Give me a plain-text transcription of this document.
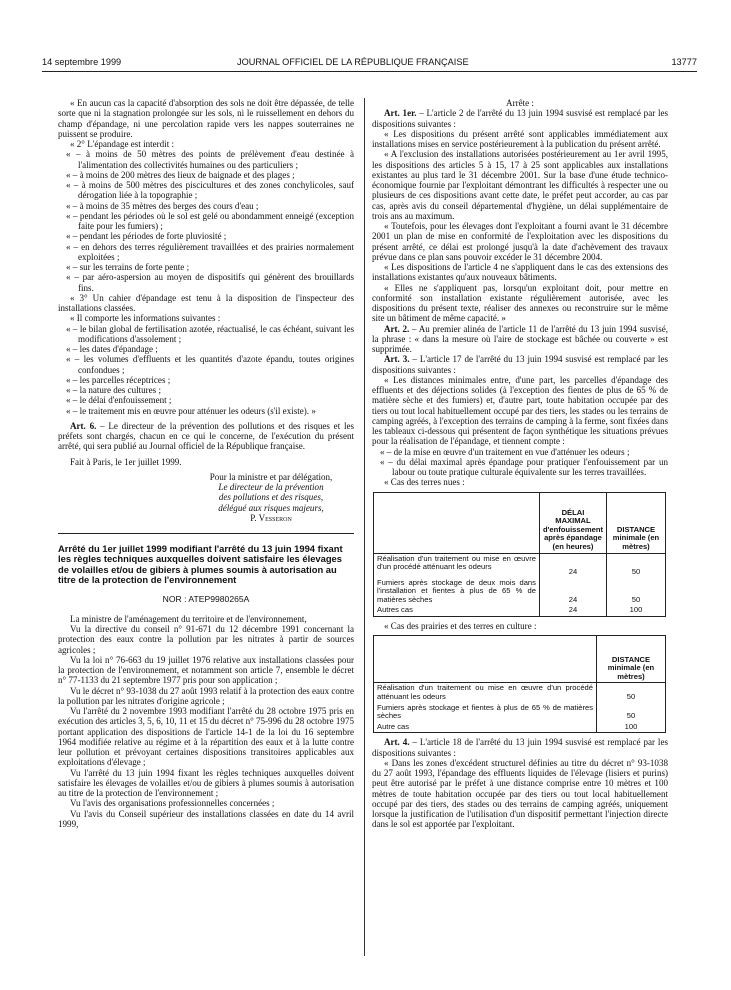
14 septembre 1999	JOURNAL OFFICIEL DE LA RÉPUBLIQUE FRANÇAISE	13777

« En aucun cas la capacité d'absorption des sols ne doit être dépassée, de telle sorte que ni la stagnation prolongée sur les sols, ni le ruissellement en dehors du champ d'épandage, ni une percolation rapide vers les nappes souterraines ne puissent se produire.

« 2° L'épandage est interdit :

« – à moins de 50 mètres des points de prélèvement d'eau destinée à l'alimentation des collectivités humaines ou des particuliers ;

« – à moins de 200 mètres des lieux de baignade et des plages ;

« – à moins de 500 mètres des piscicultures et des zones conchylicoles, sauf dérogation liée à la topographie ;

« – à moins de 35 mètres des berges des cours d'eau ;

« – pendant les périodes où le sol est gelé ou abondamment enneigé (exception faite pour les fumiers) ;

« – pendant les périodes de forte pluviosité ;

« – en dehors des terres régulièrement travaillées et des prairies normalement exploitées ;

« – sur les terrains de forte pente ;

« – par aéro-aspersion au moyen de dispositifs qui génèrent des brouillards fins.

« 3° Un cahier d'épandage est tenu à la disposition de l'inspecteur des installations classées.

« Il comporte les informations suivantes :

« – le bilan global de fertilisation azotée, réactualisé, le cas échéant, suivant les modifications d'assolement ;

« – les dates d'épandage ;

« – les volumes d'effluents et les quantités d'azote épandu, toutes origines confondues ;

« – les parcelles réceptrices ;

« – la nature des cultures ;

« – le délai d'enfouissement ;

« – le traitement mis en œuvre pour atténuer les odeurs (s'il existe). »

Art. 6. – Le directeur de la prévention des pollutions et des risques et les préfets sont chargés, chacun en ce qui le concerne, de l'exécution du présent arrêté, qui sera publié au Journal officiel de la République française.

Fait à Paris, le 1er juillet 1999.

Pour la ministre et par délégation,

Le directeur de la prévention

des pollutions et des risques,

délégué aux risques majeurs,

P. Vesseron

Arrêté du 1er juillet 1999 modifiant l'arrêté du 13 juin 1994 fixant les règles techniques auxquelles doivent satisfaire les élevages de volailles et/ou de gibiers à plumes soumis à autorisation au titre de la protection de l'environnement

NOR : ATEP9980265A

La ministre de l'aménagement du territoire et de l'environnement,

Vu la directive du conseil n° 91-671 du 12 décembre 1991 concernant la protection des eaux contre la pollution par les nitrates à partir de sources agricoles ;

Vu la loi n° 76-663 du 19 juillet 1976 relative aux installations classées pour la protection de l'environnement, et notamment son article 7, ensemble le décret n° 77-1133 du 21 septembre 1977 pris pour son application ;

Vu le décret n° 93-1038 du 27 août 1993 relatif à la protection des eaux contre la pollution par les nitrates d'origine agricole ;

Vu l'arrêté du 2 novembre 1993 modifiant l'arrêté du 28 octobre 1975 pris en exécution des articles 3, 5, 6, 10, 11 et 15 du décret n° 75-996 du 28 octobre 1975 portant application des dispositions de l'article 14-1 de la loi du 16 septembre 1964 modifiée relative au régime et à la répartition des eaux et à la lutte contre leur pollution et prévoyant certaines dispositions transitoires applicables aux exploitations d'élevage ;

Vu l'arrêté du 13 juin 1994 fixant les règles techniques auxquelles doivent satisfaire les élevages de volailles et/ou de gibiers à plumes soumis à autorisation au titre de la protection de l'environnement ;

Vu l'avis des organisations professionnelles concernées ;

Vu l'avis du Conseil supérieur des installations classées en date du 14 avril 1999,

Arrête :

Art. 1er. – L'article 2 de l'arrêté du 13 juin 1994 susvisé est remplacé par les dispositions suivantes :

« Les dispositions du présent arrêté sont applicables immédiatement aux installations mises en service postérieurement à la publication du présent arrêté.

« A l'exclusion des installations autorisées postérieurement au 1er avril 1995, les dispositions des articles 5 à 15, 17 à 25 sont applicables aux installations existantes au plus tard le 31 décembre 2001. Sur la base d'une étude technico-économique fournie par l'exploitant démontrant les difficultés à respecter une ou plusieurs de ces dispositions avant cette date, le préfet peut accorder, au cas par cas, après avis du conseil départemental d'hygiène, un délai supplémentaire de trois ans au maximum.

« Toutefois, pour les élevages dont l'exploitant a fourni avant le 31 décembre 2001 un plan de mise en conformité de l'exploitation avec les dispositions du présent arrêté, ce délai est prolongé jusqu'à la date d'achèvement des travaux prévue dans ce plan sans pouvoir excéder le 31 décembre 2004.

« Les dispositions de l'article 4 ne s'appliquent dans le cas des extensions des installations existantes qu'aux nouveaux bâtiments.

« Elles ne s'appliquent pas, lorsqu'un exploitant doit, pour mettre en conformité son installation existante régulièrement autorisée, avec les dispositions du présent texte, réaliser des annexes ou reconstruire sur le même site un bâtiment de même capacité. »

Art. 2. – Au premier alinéa de l'article 11 de l'arrêté du 13 juin 1994 susvisé, la phrase : « dans la mesure où l'aire de stockage est bâchée ou couverte » est supprimée.

Art. 3. – L'article 17 de l'arrêté du 13 juin 1994 susvisé est remplacé par les dispositions suivantes :

« Les distances minimales entre, d'une part, les parcelles d'épandage des effluents et des déjections solides (à l'exception des fientes de plus de 65 % de matière sèche et des fumiers) et, d'autre part, toute habitation occupée par des tiers ou tout local habituellement occupé par des tiers, les stades ou les terrains de camping agréés, à l'exception des terrains de camping à la ferme, sont fixées dans les tableaux ci-dessous qui présentent de façon synthétique les situations prévues pour la réalisation de l'épandage, et tiennent compte :

« – de la mise en œuvre d'un traitement en vue d'atténuer les odeurs ;

« – du délai maximal après épandage pour pratiquer l'enfouissement par un labour ou toute pratique culturale équivalente sur les terres travaillées.

« Cas des terres nues :

	DÉLAI MAXIMAL d'enfouissement après épandage (en heures)	DISTANCE minimale (en mètres)

Réalisation d'un traitement ou mise en œuvre d'un procédé atténuant les odeurs	24	50
Fumiers après stockage de deux mois dans l'installation et fientes à plus de 65 % de matières sèches	24	50
Autres cas	24	100

« Cas des prairies et des terres en culture :

	DISTANCE minimale (en mètres)
Réalisation d'un traitement ou mise en œuvre d'un procédé atténuant les odeurs	50
Fumiers après stockage et fientes à plus de 65 % de matières sèches	50
Autre cas	100

Art. 4. – L'article 18 de l'arrêté du 13 juin 1994 susvisé est remplacé par les dispositions suivantes :

« Dans les zones d'excédent structurel définies au titre du décret n° 93-1038 du 27 août 1993, l'épandage des effluents liquides de l'élevage (lisiers et purins) peut être autorisé par le préfet à une distance comprise entre 10 mètres et 100 mètres de toute habitation occupée par des tiers ou tout local habituellement occupé par des tiers, des stades ou des terrains de camping agréés, uniquement lorsque la justification de l'utilisation d'un dispositif permettant l'injection directe dans le sol est apportée par l'exploitant.
